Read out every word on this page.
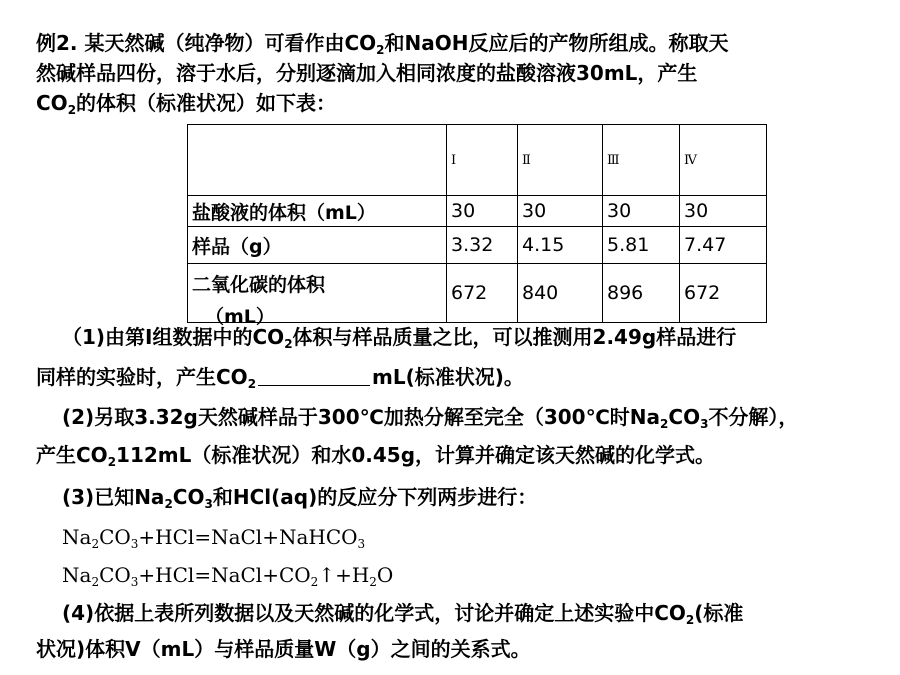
例2. 某天然碱（纯净物）可看作由$CO_2$和NaOH反应后的产物所组成。称取天
然碱样品四份，溶于水后，分别逐滴加入相同浓度的盐酸溶液30mL，产生
$CO_2$的体积（标准状况）如下表：
	Ⅰ	Ⅱ	Ⅲ	Ⅳ
盐酸液的体积（mL）	30	30	30	30
样品（g）	3.32	4.15	5.81	7.47
二氧化碳的体积	672	840	896	672
（mL）
（1)由第Ⅰ组数据中的$CO_2$体积与样品质量之比，可以推测用2.49g样品进行
同样的实验时，产生$CO_2$	mL(标准状况)。
(2)另取3.32g天然碱样品于300℃加热分解至完全（300℃时$Na_2CO_3$不分解），
产生$CO_2112mL$（标准状况）和水0.45g，计算并确定该天然碱的化学式。
(3)已知$Na_2CO_3$和HCl(aq)的反应分下列两步进行：
$Na_2CO_3+HCl=NaCl+NaHCO_3$
$Na_2CO_3+HCl=NaCl+CO_2↑+H_2O$
(4)依据上表所列数据以及天然碱的化学式，讨论并确定上述实验中$CO_2$(标准
状况)体积V（mL）与样品质量W（g）之间的关系式。
